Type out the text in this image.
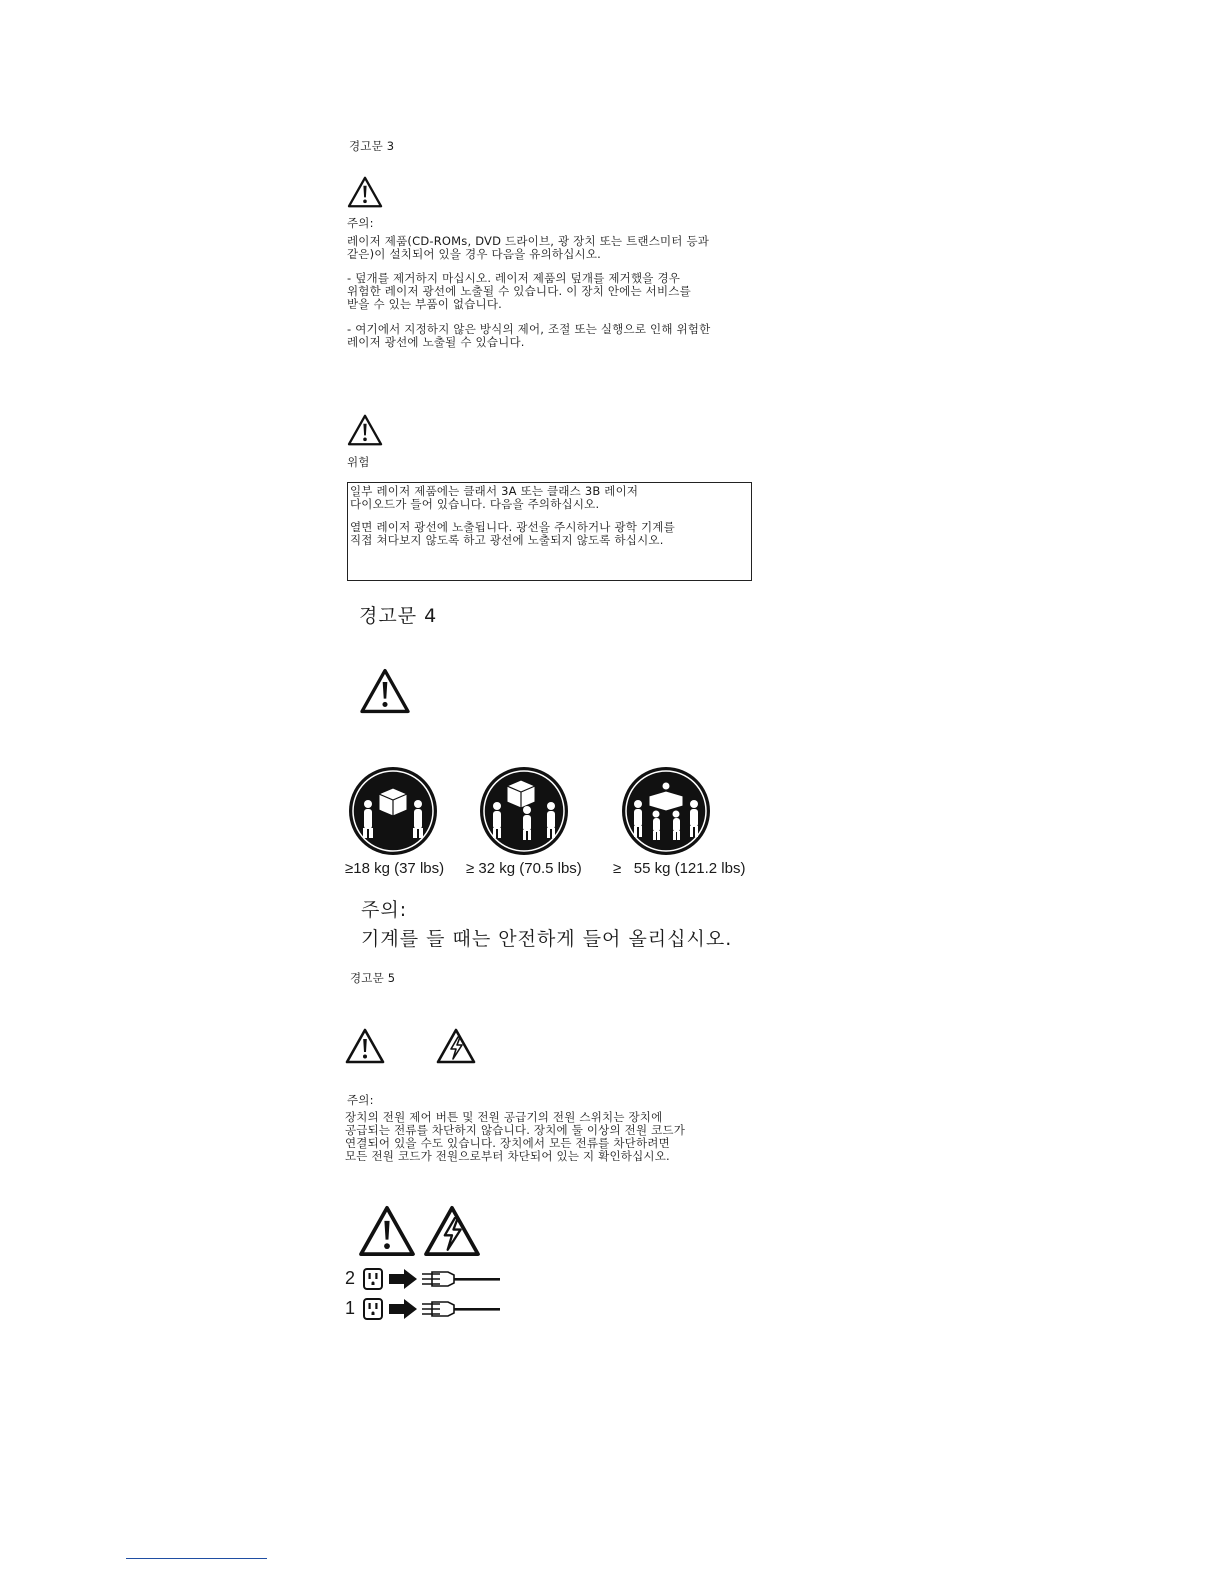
경고문 3
주의:
레이저 제품(CD-ROMs, DVD 드라이브, 광 장치 또는 트랜스미터 등과
같은)이 설치되어 있을 경우 다음을 유의하십시오.
- 덮개를 제거하지 마십시오. 레이저 제품의 덮개를 제거했을 경우
위험한 레이저 광선에 노출될 수 있습니다. 이 장치 안에는 서비스를
받을 수 있는 부품이 없습니다.
- 여기에서 지정하지 않은 방식의 제어, 조절 또는 실행으로 인해 위험한
레이저 광선에 노출될 수 있습니다.
위험
일부 레이저 제품에는 클래서 3A 또는 클래스 3B 레이저
다이오드가 들어 있습니다. 다음을 주의하십시오.
열면 레이저 광선에 노출됩니다. 광선을 주시하거나 광학 기계를
직접 쳐다보지 않도록 하고 광선에 노출되지 않도록 하십시오.
경고문 4
≥18 kg (37 lbs) ≥ 32 kg (70.5 lbs) ≥   55 kg (121.2 lbs)
주의:
기계를 들 때는 안전하게 들어 올리십시오.
경고문 5
주의:
장치의 전원 제어 버튼 및 전원 공급기의 전원 스위치는 장치에
공급되는 전류를 차단하지 않습니다. 장치에 둘 이상의 전원 코드가
연결되어 있을 수도 있습니다. 장치에서 모든 전류를 차단하려면
모든 전원 코드가 전원으로부터 차단되어 있는 지 확인하십시오.
2
1
